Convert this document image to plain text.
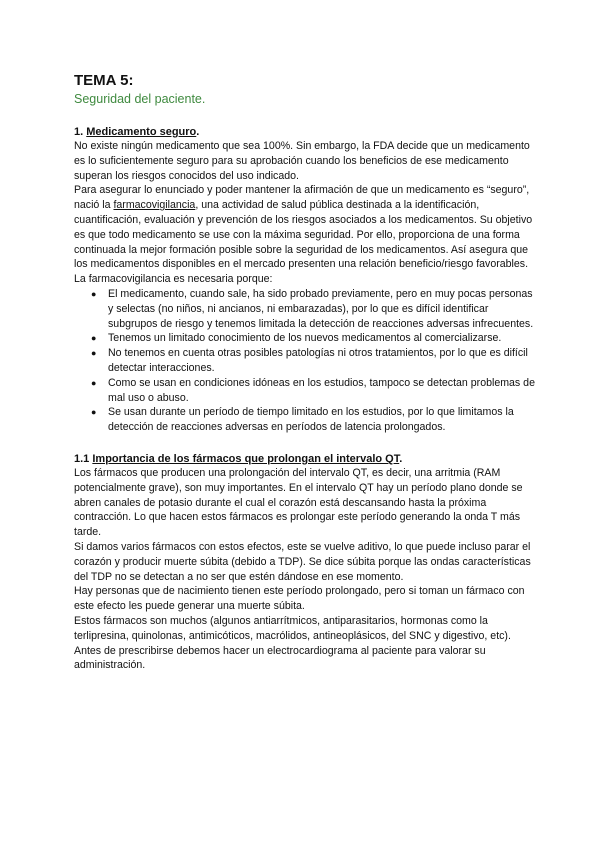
TEMA 5:
Seguridad del paciente.
1. Medicamento seguro.

No existe ningún medicamento que sea 100%. Sin embargo, la FDA decide que un medicamento es lo suficientemente seguro para su aprobación cuando los beneficios de ese medicamento superan los riesgos conocidos del uso indicado.

Para asegurar lo enunciado y poder mantener la afirmación de que un medicamento es “seguro”, nació la farmacovigilancia, una actividad de salud pública destinada a la identificación, cuantificación, evaluación y prevención de los riesgos asociados a los medicamentos. Su objetivo es que todo medicamento se use con la máxima seguridad. Por ello, proporciona de una forma continuada la mejor formación posible sobre la seguridad de los medicamentos. Así asegura que los medicamentos disponibles en el mercado presenten una relación beneficio/riesgo favorables.

La farmacovigilancia es necesaria porque:

● El medicamento, cuando sale, ha sido probado previamente, pero en muy pocas personas y selectas (no niños, ni ancianos, ni embarazadas), por lo que es difícil identificar subgrupos de riesgo y tenemos limitada la detección de reacciones adversas infrecuentes.
● Tenemos un limitado conocimiento de los nuevos medicamentos al comercializarse.
● No tenemos en cuenta otras posibles patologías ni otros tratamientos, por lo que es difícil detectar interacciones.
● Como se usan en condiciones idóneas en los estudios, tampoco se detectan problemas de mal uso o abuso.
● Se usan durante un período de tiempo limitado en los estudios, por lo que limitamos la detección de reacciones adversas en períodos de latencia prolongados.
1.1 Importancia de los fármacos que prolongan el intervalo QT.

Los fármacos que producen una prolongación del intervalo QT, es decir, una arritmia (RAM potencialmente grave), son muy importantes. En el intervalo QT hay un período plano donde se abren canales de potasio durante el cual el corazón está descansando hasta la próxima contracción. Lo que hacen estos fármacos es prolongar este período generando la onda T más tarde.

Si damos varios fármacos con estos efectos, este se vuelve aditivo, lo que puede incluso parar el corazón y producir muerte súbita (debido a TDP). Se dice súbita porque las ondas características del TDP no se detectan a no ser que estén dándose en ese momento.

Hay personas que de nacimiento tienen este período prolongado, pero si toman un fármaco con este efecto les puede generar una muerte súbita.

Estos fármacos son muchos (algunos antiarrítmicos, antiparasitarios, hormonas como la terlipresina, quinolonas, antimicóticos, macrólidos, antineoplásicos, del SNC y digestivo, etc). Antes de prescribirse debemos hacer un electrocardiograma al paciente para valorar su administración.
